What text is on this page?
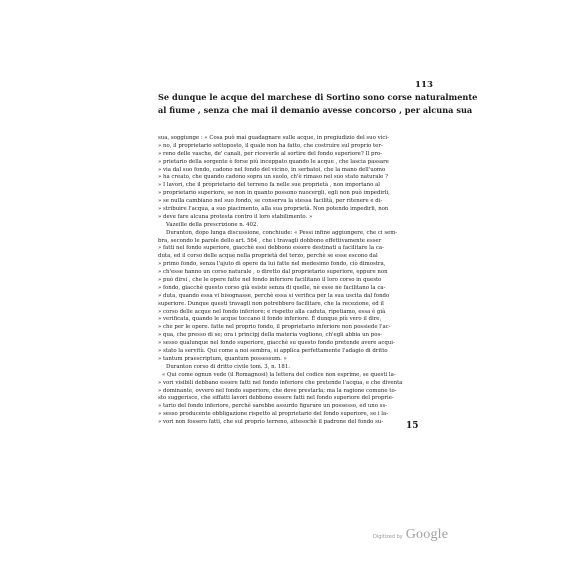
113
Se dunque le acque del marchese di Sortino sono corse naturalmente
al fiume , senza che mai il demanio avesse concorso , per alcuna sua
sua, soggiunge : « Cosa può mai guadagnare sulle acque, in pregiudizio del suo vici-
» no, il proprietario sottoposto, il quale non ha fatto, che costruire sul proprio ter-
» reno delle vasche, de' canali, per riceverle al sortire del fondo superiore? Il pro-
» prietario della sorgente è forse più inceppato quando le acque , che lascia passare
» via dal suo fondo, cadono nel fondo del vicino, in serbatoi, che la mano dell'uomo
» ha creato, che quando cadono sopra un suolo, ch'è rimaso nel suo stato naturale ?
» I lavori, che il proprietario del terreno fa nelle sue proprietà , non importano al
» proprietario superiore, se non in quanto possono nuocergli, egli non può impedirli,
» se nulla cambiano nel suo fondo, se conserva la stessa facilità, per ritenere e di-
» stribuire l'acqua, a suo piacimento, alla sua proprietà. Non potendo impedirli, non
» deve fare alcuna protesta contro il loro stabilimento. »
Vazeille della prescrizione n. 402.
Duranton, dopo lunga discussione, conchiude: « Pessi infine aggiungere, che ci sem-
bra, secondo le parole dello art. 564 , che i travagli dobbono effettivamente esser
» fatti nel fondo superiore, giacchè essi debbono essere destinati a facilitare la ca-
duta, ed il corso delle acque nella proprietà del terzo, perchè se esse escono dal
» primo fondo, senza l'ajuto di opere da lui fatte nel medesimo fondo, ciò dimostra,
» ch'esse hanno un corso naturale , o diretto dal proprietario superiore, eppure non
» può dirsi , che le opere fatte nel fondo inferiore facilitano il loro corso in questo
» fondo, giacchè questo corso già esiste senza di quelle, nè esse ne facilitano la ca-
» duta, quando essa vi bisognasse, perchè essa si verifica per la sua uscita dal fondo
superiore. Dunque questi travagli non potrebbero facilitare, che la recezione, ed il
» corso delle acque nel fondo inferiore; e rispetto alla caduta, ripetiamo, essa è già
» verificata, quando le acque toccano il fondo inferiore. È dunque più vero il dire,
» che per le opere. fatte nel proprio fondo, il proprietario inferiore non possiede l'ac-
» qua, che presso di se; ora i principj della materia vogliono, ch'egli abbia un pos-
» sesso qualunque nel fondo superiore, giacchè su questo fondo pretende avere acqui-
» stato la servitù. Qui come a noi sembra, si applica perfettamente l'adagio di dritto
» tantum praescriptum, quantum possessum. »
Duranton corso di dritto civile tom. 3, n. 181.
« Qui come ognun vede (il Romagnosi) la lettera del codice non esprime, se questi la-
» vori visibili debbano essere fatti nel fondo inferiore che pretende l'acqua, e che diventa
» dominante, ovvero nel fondo superiore, che deve prestarla; ma la ragione comune to-
sto suggerisce, che siffatti lavori debbono essere fatti nel fondo superiore del proprie-
» tario del fondo inferiore, perchè sarebbe assurdo figurare un possesso, ed uno ss-
» sesso producente obbligazione rispetto al proprietario del fondo superiore, se i la-
» vori non fossero fatti, che sul proprio terreno, attesochè il padrone del fondo su-	15
Digitized by Google
